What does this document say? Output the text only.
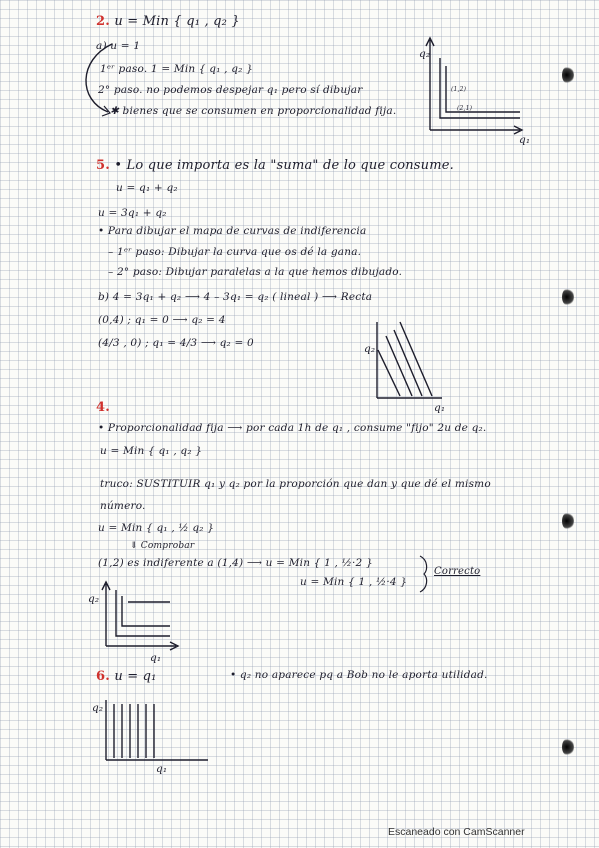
2. u = Min { q₁ , q₂ }
a) u = 1
1ᵉʳ paso. 1 = Min { q₁ , q₂ }
2° paso. no podemos despejar q₁ pero sí dibujar
✱ bienes que se consumen en proporcionalidad fija.
5. • Lo que importa es la "suma" de lo que consume.
u = q₁ + q₂
u = 3q₁ + q₂
• Para dibujar el mapa de curvas de indiferencia
– 1ᵉʳ paso: Dibujar la curva que os dé la gana.
– 2° paso: Dibujar paralelas a la que hemos dibujado.
b) 4 = 3q₁ + q₂ ⟶ 4 – 3q₁ = q₂ ( lineal ) ⟶ Recta
(0,4) ; q₁ = 0 ⟶ q₂ = 4
(4/3 , 0) ; q₁ = 4/3 ⟶ q₂ = 0
4.
• Proporcionalidad fija ⟶ por cada 1h de q₁ , consume "fijo" 2u de q₂.
u = Min { q₁ , q₂ }
truco: SUSTITUIR q₁ y q₂ por la proporción que dan y que dé el mismo
número.
u = Min { q₁ , ½ q₂ }
⇓ Comprobar
(1,2) es indiferente a (1,4) ⟶ u = Min { 1 , ½·2 }
u = Min { 1 , ½·4 }
Correcto
6. u = q₁	• q₂ no aparece pq a Bob no le aporta utilidad.
q₂
q₁
(1,2)
(2,1)
q₂
q₁
q₂
q₁
q₂
q₁
Escaneado con CamScanner
